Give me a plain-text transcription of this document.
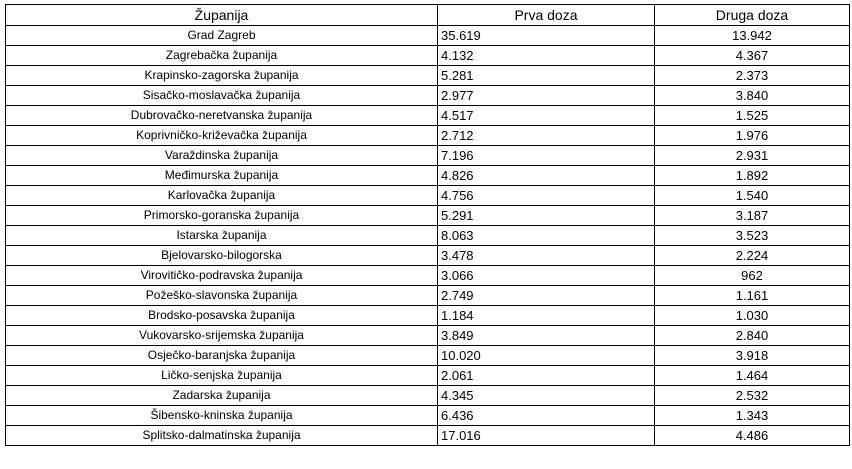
Županija	Prva doza	Druga doza
Grad Zagreb	35.619	13.942
Zagrebačka županija	4.132	4.367
Krapinsko-zagorska županija	5.281	2.373
Sisačko-moslavačka županija	2.977	3.840
Dubrovačko-neretvanska županija	4.517	1.525
Koprivničko-križevačka županija	2.712	1.976
Varaždinska županija	7.196	2.931
Međimurska županija	4.826	1.892
Karlovačka županija	4.756	1.540
Primorsko-goranska županija	5.291	3.187
Istarska županija	8.063	3.523
Bjelovarsko-bilogorska	3.478	2.224
Virovitičko-podravska županija	3.066	962
Požeško-slavonska županija	2.749	1.161
Brodsko-posavska županija	1.184	1.030
Vukovarsko-srijemska županija	3.849	2.840
Osječko-baranjska županija	10.020	3.918
Ličko-senjska županija	2.061	1.464
Zadarska županija	4.345	2.532
Šibensko-kninska županija	6.436	1.343
Splitsko-dalmatinska županija	17.016	4.486
